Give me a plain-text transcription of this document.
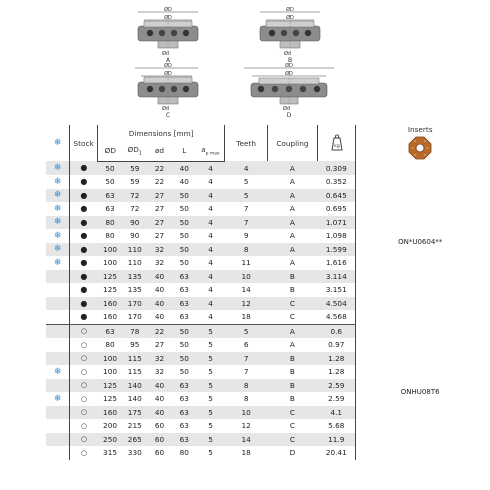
ØD
ØD
Ød
A
ØD
ØD
Ød
B
ØD
ØD
Ød
C
ØD
ØD
Ød
D
❄	Stock	Dimensions [mm]					Teeth	Coupling	kg	Inserts

		ØD	$ØD_1$	ød	L	$a_{p max}$
❄	●	50	59	22	40	4	4	A	0.309	ON*U0604**
❄	●	50	59	22	40	4	5	A	0.352	
❄	●	63	72	27	50	4	5	A	0.645	
❄	●	63	72	27	50	4	7	A	0.695	
❄	●	80	90	27	50	4	7	A	1.071	
❄	●	80	90	27	50	4	9	A	1.098	
❄	●	100	110	32	50	4	8	A	1.599	
❄	●	100	110	32	50	4	11	A	1.616	
	●	125	135	40	63	4	10	B	3.114	
	●	125	135	40	63	4	14	B	3.151	
	●	160	170	40	63	4	12	C	4.504	
	●	160	170	40	63	4	18	C	4.568	
	○	63	78	22	50	5	5	A	0.6	ONHU08T6
	○	80	95	27	50	5	6	A	0.97	
	○	100	115	32	50	5	7	B	1.28	
❄	○	100	115	32	50	5	7	B	1.28	
	○	125	140	40	63	5	8	B	2.59	
❄	○	125	140	40	63	5	8	B	2.59	
	○	160	175	40	63	5	10	C	4.1	
	○	200	215	60	63	5	12	C	5.68	
	○	250	265	60	63	5	14	C	11.9	
	○	315	330	60	80	5	18	D	20.41	
